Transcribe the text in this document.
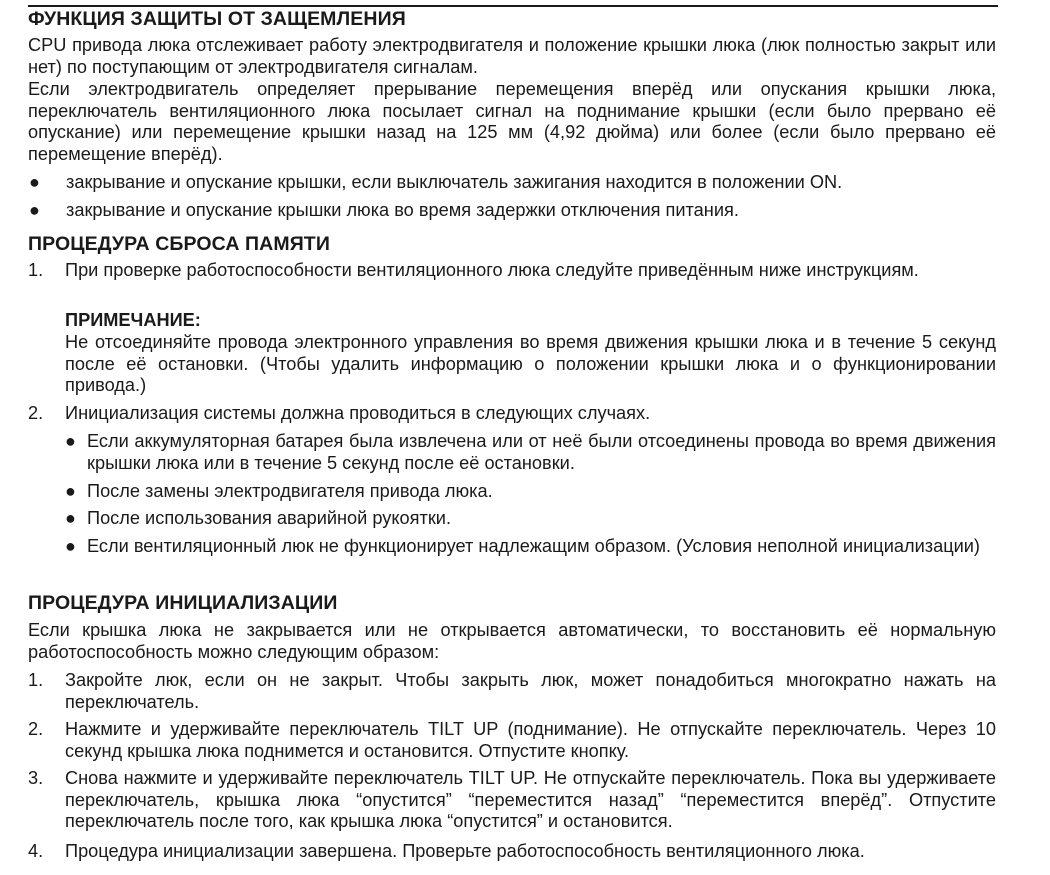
ФУНКЦИЯ ЗАЩИТЫ ОТ ЗАЩЕМЛЕНИЯ

CPU привода люка отслеживает работу электродвигателя и положение крышки люка (люк полностью закрыт или нет) по поступающим от электродвигателя сигналам.

Если электродвигатель определяет прерывание перемещения вперёд или опускания крышки люка, переключатель вентиляционного люка посылает сигнал на поднимание крышки (если было прервано её опускание) или перемещение крышки назад на 125 мм (4,92 дюйма) или более (если было прервано её перемещение вперёд).

●	закрывание и опускание крышки, если выключатель зажигания находится в положении ON.
●	закрывание и опускание крышки люка во время задержки отключения питания.
ПРОЦЕДУРА СБРОСА ПАМЯТИ
1.	При проверке работоспособности вентиляционного люка следуйте приведённым ниже инструкциям.
ПРИМЕЧАНИЕ:
Не отсоединяйте провода электронного управления во время движения крышки люка и в течение 5 секунд после её остановки. (Чтобы удалить информацию о положении крышки люка и о функционировании привода.)
2.	Инициализация системы должна проводиться в следующих случаях.
● Если аккумуляторная батарея была извлечена или от неё были отсоединены провода во время движения крышки люка или в течение 5 секунд после её остановки.
● После замены электродвигателя привода люка.
● После использования аварийной рукоятки.
● Если вентиляционный люк не функционирует надлежащим образом. (Условия неполной инициализации)
ПРОЦЕДУРА ИНИЦИАЛИЗАЦИИ

Если крышка люка не закрывается или не открывается автоматически, то восстановить её нормальную работоспособность можно следующим образом:

1.	Закройте люк, если он не закрыт. Чтобы закрыть люк, может понадобиться многократно нажать на переключатель.
2.	Нажмите и удерживайте переключатель TILT UP (поднимание). Не отпускайте переключатель. Через 10 секунд крышка люка поднимется и остановится. Отпустите кнопку.
3.	Снова нажмите и удерживайте переключатель TILT UP. Не отпускайте переключатель. Пока вы удерживаете переключатель, крышка люка “опустится” “переместится назад” “переместится вперёд”. Отпустите переключатель после того, как крышка люка “опустится” и остановится.
4.	Процедура инициализации завершена. Проверьте работоспособность вентиляционного люка.
